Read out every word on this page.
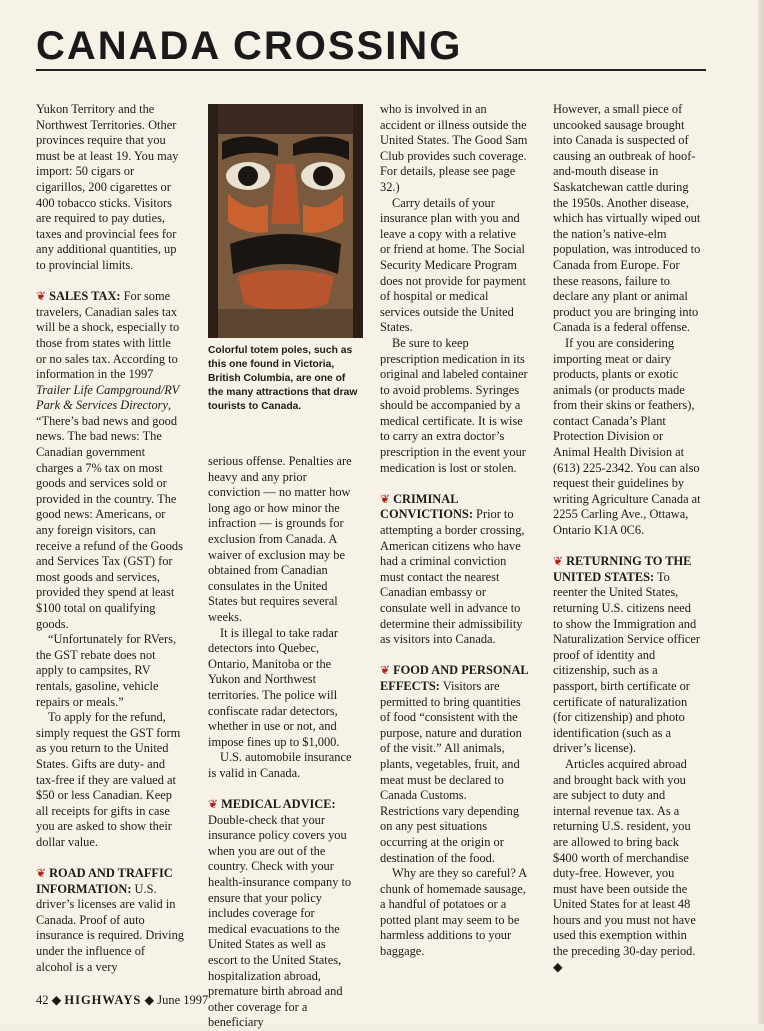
CANADA CROSSING

Yukon Territory and the Northwest Territories. Other provinces require that you must be at least 19. You may import: 50 cigars or cigarillos, 200 cigarettes or 400 tobacco sticks. Visitors are required to pay duties, taxes and provincial fees for any additional quantities, up to provincial limits.

❦ SALES TAX: For some travelers, Canadian sales tax will be a shock, especially to those from states with little or no sales tax. According to information in the 1997 Trailer Life Campground/RV Park & Services Directory, “There’s bad news and good news. The bad news: The Canadian government charges a 7% tax on most goods and services sold or provided in the country. The good news: Americans, or any foreign visitors, can receive a refund of the Goods and Services Tax (GST) for most goods and services, provided they spend at least $100 total on qualifying goods.

“Unfortunately for RVers, the GST rebate does not apply to campsites, RV rentals, gasoline, vehicle repairs or meals.”

To apply for the refund, simply request the GST form as you return to the United States. Gifts are duty- and tax-free if they are valued at $50 or less Canadian. Keep all receipts for gifts in case you are asked to show their dollar value.

❦ ROAD AND TRAFFIC INFORMATION: U.S. driver’s licenses are valid in Canada. Proof of auto insurance is required. Driving under the influence of alcohol is a very

Colorful totem poles, such as this one found in Victoria, British Columbia, are one of the many attractions that draw tourists to Canada.

serious offense. Penalties are heavy and any prior conviction — no matter how long ago or how minor the infraction — is grounds for exclusion from Canada. A waiver of exclusion may be obtained from Canadian consulates in the United States but requires several weeks.

It is illegal to take radar detectors into Quebec, Ontario, Manitoba or the Yukon and Northwest territories. The police will confiscate radar detectors, whether in use or not, and impose fines up to $1,000.

U.S. automobile insurance is valid in Canada.

❦ MEDICAL ADVICE: Double-check that your insurance policy covers you when you are out of the country. Check with your health-insurance company to ensure that your policy includes coverage for medical evacuations to the United States as well as escort to the United States, hospitalization abroad, premature birth abroad and other coverage for a beneficiary

who is involved in an accident or illness outside the United States. The Good Sam Club provides such coverage. For details, please see page 32.)

Carry details of your insurance plan with you and leave a copy with a relative or friend at home. The Social Security Medicare Program does not provide for payment of hospital or medical services outside the United States.

Be sure to keep prescription medication in its original and labeled container to avoid problems. Syringes should be accompanied by a medical certificate. It is wise to carry an extra doctor’s prescription in the event your medication is lost or stolen.

❦ CRIMINAL CONVICTIONS: Prior to attempting a border crossing, American citizens who have had a criminal conviction must contact the nearest Canadian embassy or consulate well in advance to determine their admissibility as visitors into Canada.

❦ FOOD AND PERSONAL EFFECTS: Visitors are permitted to bring quantities of food “consistent with the purpose, nature and duration of the visit.” All animals, plants, vegetables, fruit, and meat must be declared to Canada Customs. Restrictions vary depending on any pest situations occurring at the origin or destination of the food.

Why are they so careful? A chunk of homemade sausage, a handful of potatoes or a potted plant may seem to be harmless additions to your baggage.

However, a small piece of uncooked sausage brought into Canada is suspected of causing an outbreak of hoof-and-mouth disease in Saskatchewan cattle during the 1950s. Another disease, which has virtually wiped out the nation’s native-elm population, was introduced to Canada from Europe. For these reasons, failure to declare any plant or animal product you are bringing into Canada is a federal offense.

If you are considering importing meat or dairy products, plants or exotic animals (or products made from their skins or feathers), contact Canada’s Plant Protection Division or Animal Health Division at (613) 225-2342. You can also request their guidelines by writing Agriculture Canada at 2255 Carling Ave., Ottawa, Ontario K1A 0C6.

❦ RETURNING TO THE UNITED STATES: To reenter the United States, returning U.S. citizens need to show the Immigration and Naturalization Service officer proof of identity and citizenship, such as a passport, birth certificate or certificate of naturalization (for citizenship) and photo identification (such as a driver’s license).

Articles acquired abroad and brought back with you are subject to duty and internal revenue tax. As a returning U.S. resident, you are allowed to bring back $400 worth of merchandise duty-free. However, you must have been outside the United States for at least 48 hours and you must not have used this exemption within the preceding 30-day period. ◆

42 ◆ HIGHWAYS ◆ June 1997
